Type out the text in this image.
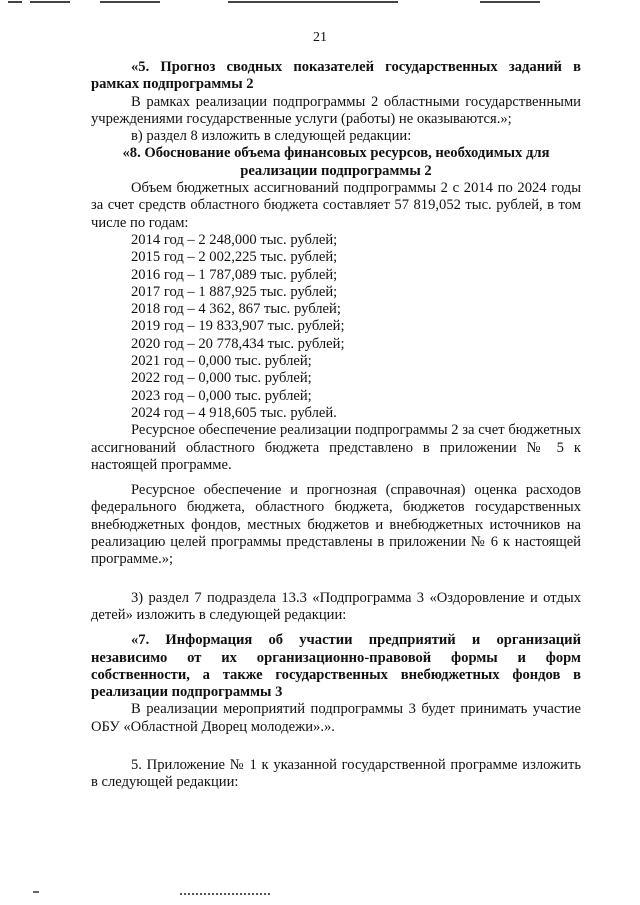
21

«5. Прогноз сводных показателей государственных заданий в рамках подпрограммы 2

В рамках реализации подпрограммы 2 областными государственными учреждениями государственные услуги (работы) не оказываются.»;

в) раздел 8 изложить в следующей редакции:

«8. Обоснование объема финансовых ресурсов, необходимых для

реализации подпрограммы 2

Объем бюджетных ассигнований подпрограммы 2 с 2014 по 2024 годы за счет средств областного бюджета составляет 57 819,052 тыс. рублей, в том числе по годам:

2014 год – 2 248,000 тыс. рублей;
2015 год – 2 002,225 тыс. рублей;
2016 год – 1 787,089 тыс. рублей;
2017 год – 1 887,925 тыс. рублей;
2018 год – 4 362, 867 тыс. рублей;
2019 год – 19 833,907 тыс. рублей;
2020 год – 20 778,434 тыс. рублей;
2021 год – 0,000 тыс. рублей;
2022 год – 0,000 тыс. рублей;
2023 год – 0,000 тыс. рублей;
2024 год – 4 918,605 тыс. рублей.

Ресурсное обеспечение реализации подпрограммы 2 за счет бюджетных ассигнований областного бюджета представлено в приложении № 5 к настоящей программе.

Ресурсное обеспечение и прогнозная (справочная) оценка расходов федерального бюджета, областного бюджета, бюджетов государственных внебюджетных фондов, местных бюджетов и внебюджетных источников на реализацию целей программы представлены в приложении № 6 к настоящей программе.»;

3) раздел 7 подраздела 13.3 «Подпрограмма 3 «Оздоровление и отдых детей» изложить в следующей редакции:

«7. Информация об участии предприятий и организаций независимо от их организационно-правовой формы и форм собственности, а также государственных внебюджетных фондов в реализации подпрограммы 3

В реализации мероприятий подпрограммы 3 будет принимать участие ОБУ «Областной Дворец молодежи».».

5. Приложение № 1 к указанной государственной программе изложить в следующей редакции:
